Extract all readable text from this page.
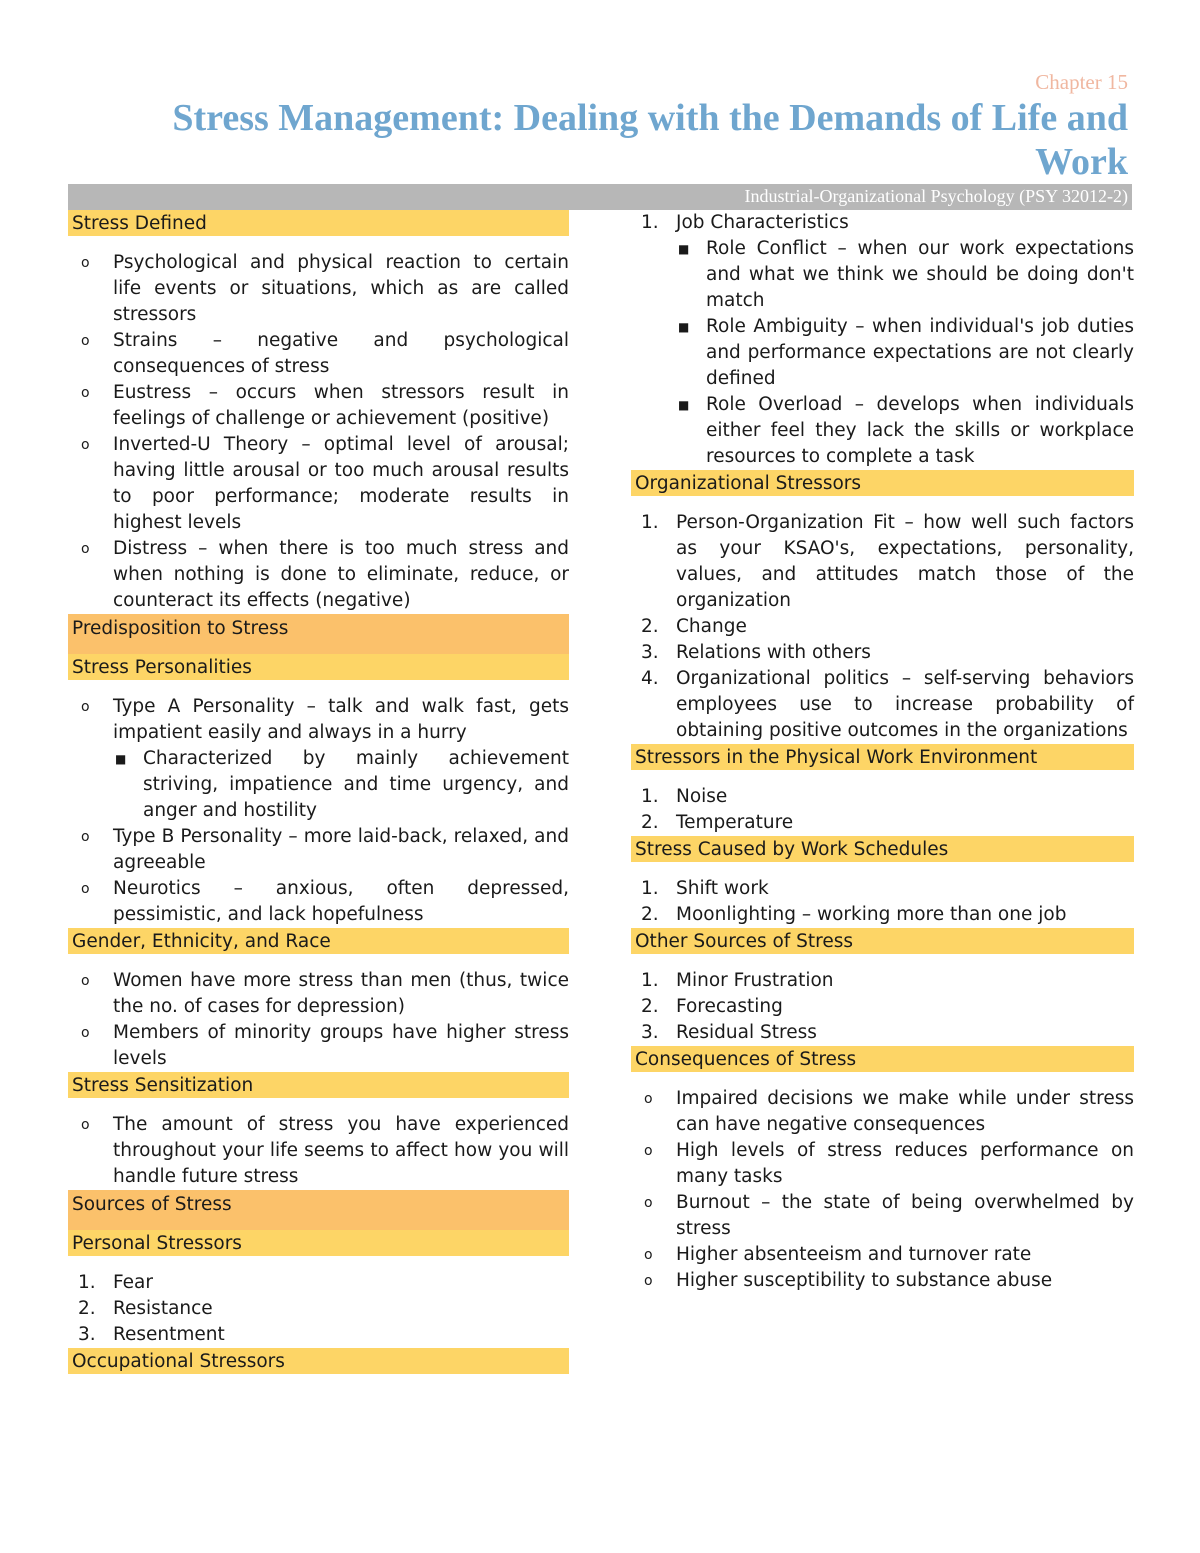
Chapter 15
Stress Management: Dealing with the Demands of Life and Work
Industrial-Organizational Psychology (PSY 32012-2)
Stress Defined
o Psychological and physical reaction to certain life events or situations, which as are called stressors
o Strains – negative and psychological consequences of stress
o Eustress – occurs when stressors result in feelings of challenge or achievement (positive)
o Inverted-U Theory – optimal level of arousal; having little arousal or too much arousal results to poor performance; moderate results in highest levels
o Distress – when there is too much stress and when nothing is done to eliminate, reduce, or counteract its effects (negative)
Predisposition to Stress
Stress Personalities
o Type A Personality – talk and walk fast, gets impatient easily and always in a hurry
■ Characterized by mainly achievement striving, impatience and time urgency, and anger and hostility
o Type B Personality – more laid-back, relaxed, and agreeable
o Neurotics – anxious, often depressed, pessimistic, and lack hopefulness
Gender, Ethnicity, and Race
o Women have more stress than men (thus, twice the no. of cases for depression)
o Members of minority groups have higher stress levels
Stress Sensitization
o The amount of stress you have experienced throughout your life seems to affect how you will handle future stress
Sources of Stress
Personal Stressors
1. Fear
2. Resistance
3. Resentment
Occupational Stressors
1. Job Characteristics
■ Role Conflict – when our work expectations and what we think we should be doing don't match
■ Role Ambiguity – when individual's job duties and performance expectations are not clearly defined
■ Role Overload – develops when individuals either feel they lack the skills or workplace resources to complete a task
Organizational Stressors
1. Person-Organization Fit – how well such factors as your KSAO's, expectations, personality, values, and attitudes match those of the organization
2. Change
3. Relations with others
4. Organizational politics – self-serving behaviors employees use to increase probability of obtaining positive outcomes in the organizations
Stressors in the Physical Work Environment
1. Noise
2. Temperature
Stress Caused by Work Schedules
1. Shift work
2. Moonlighting – working more than one job
Other Sources of Stress
1. Minor Frustration
2. Forecasting
3. Residual Stress
Consequences of Stress
o Impaired decisions we make while under stress can have negative consequences
o High levels of stress reduces performance on many tasks
o Burnout – the state of being overwhelmed by stress
o Higher absenteeism and turnover rate
o Higher susceptibility to substance abuse
